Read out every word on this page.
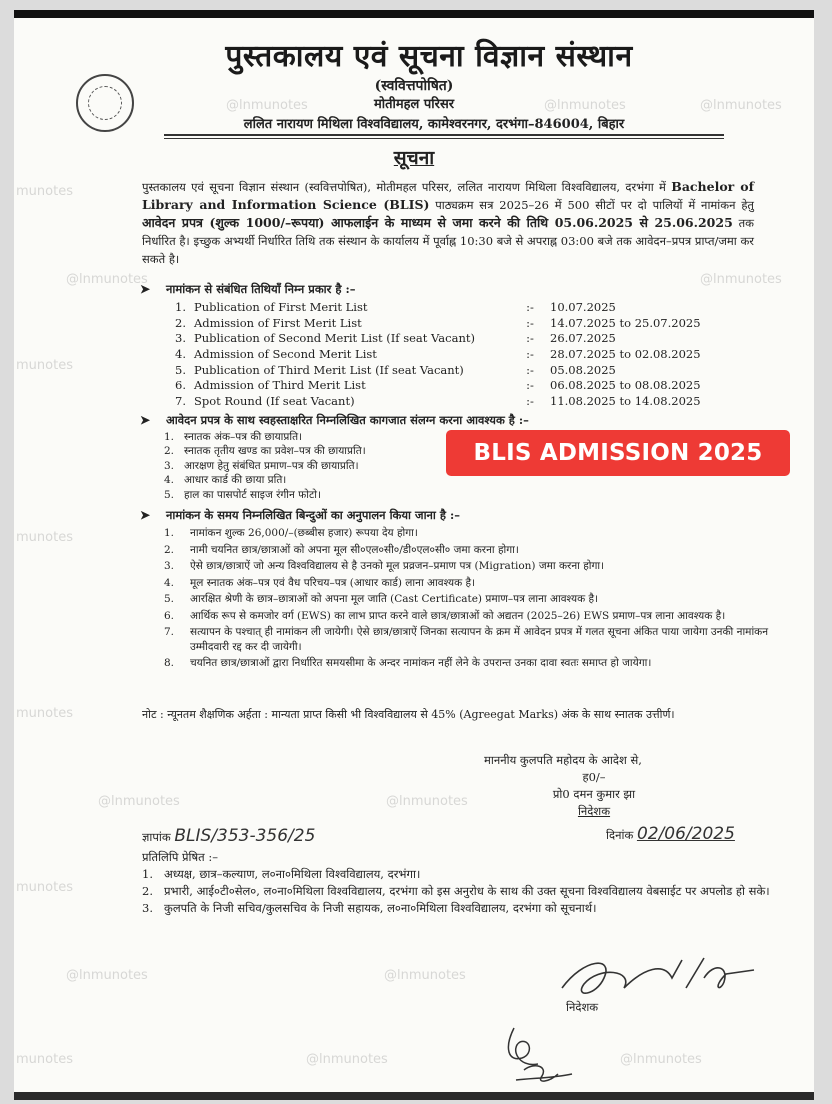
@lnmunotes	@lnmunotes	@lnmunotes
munotes
@lnmunotes	@lnmunotes
munotes
munotes
munotes
@lnmunotes	@lnmunotes
munotes
@lnmunotes	@lnmunotes
munotes	@lnmunotes	@lnmunotes
पुस्तकालय एवं सूचना विज्ञान संस्थान
(स्ववित्तपोषित)
मोतीमहल परिसर
ललित नारायण मिथिला विश्वविद्यालय, कामेश्वरनगर, दरभंगा–846004, बिहार
सूचना
पुस्तकालय एवं सूचना विज्ञान संस्थान (स्ववित्तपोषित), मोतीमहल परिसर, ललित नारायण मिथिला विश्वविद्यालय, दरभंगा में Bachelor of Library and Information Science (BLIS) पाठ्यक्रम सत्र 2025–26 में 500 सीटों पर दो पालियों में नामांकन हेतु आवेदन प्रपत्र (शुल्क 1000/–रूपया) आफलाईन के माध्यम से जमा करने की तिथि 05.06.2025 से 25.06.2025 तक निर्धारित है। इच्छुक अभ्यर्थी निर्धारित तिथि तक संस्थान के कार्यालय में पूर्वाह्न 10:30 बजे से अपराह्न 03:00 बजे तक आवेदन–प्रपत्र प्राप्त/जमा कर सकते है।
➤ नामांकन से संबंधित तिथियाँ निम्न प्रकार है :–
1.	Publication of First Merit List	:-	10.07.2025
2.	Admission of First Merit List	:-	14.07.2025 to 25.07.2025
3.	Publication of Second Merit List (If seat Vacant)	:-	26.07.2025
4.	Admission of Second Merit List	:-	28.07.2025 to 02.08.2025
5.	Publication of Third Merit List (If seat Vacant)	:-	05.08.2025
6.	Admission of Third Merit List	:-	06.08.2025 to 08.08.2025
7.	Spot Round (If seat Vacant)	:-	11.08.2025 to 14.08.2025
➤ आवेदन प्रपत्र के साथ स्वहस्ताक्षरित निम्नलिखित कागजात संलग्न करना आवश्यक है :–
1. स्नातक अंक–पत्र की छायाप्रति।
2. स्नातक तृतीय खण्ड का प्रवेश–पत्र की छायाप्रति।
3. आरक्षण हेतु संबंधित प्रमाण–पत्र की छायाप्रति।
4. आधार कार्ड की छाया प्रति।
5. हाल का पासपोर्ट साइज रंगीन फोटो।
BLIS ADMISSION 2025
➤ नामांकन के समय निम्नलिखित बिन्दुओं का अनुपालन किया जाना है :–
1.	नामांकन शुल्क 26,000/–(छब्बीस हजार) रूपया देय होगा।
2.	नामी चयनित छात्र/छात्राओं को अपना मूल सी०एल०सी०/डी०एल०सी० जमा करना होगा।
3.	ऐसे छात्र/छात्राऐं जो अन्य विश्वविद्यालय से है उनको मूल प्रव्रजन–प्रमाण पत्र (Migration) जमा करना होगा।
4.	मूल स्नातक अंक–पत्र एवं वैध परिचय–पत्र (आधार कार्ड) लाना आवश्यक है।
5.	आरक्षित श्रेणी के छात्र–छात्राओं को अपना मूल जाति (Cast Certificate) प्रमाण–पत्र लाना आवश्यक है।
6.	आर्थिक रूप से कमजोर वर्ग (EWS) का लाभ प्राप्त करने वाले छात्र/छात्राओं को अद्यतन (2025–26) EWS प्रमाण–पत्र लाना आवश्यक है।
7.	सत्यापन के पश्चात् ही नामांकन ली जायेगी। ऐसे छात्र/छात्राऐं जिनका सत्यापन के क्रम में आवेदन प्रपत्र में गलत सूचना अंकित पाया जायेगा उनकी नामांकन उम्मीदवारी रद्द कर दी जायेगी।
8.	चयनित छात्र/छात्राओं द्वारा निर्धारित समयसीमा के अन्दर नामांकन नहीं लेने के उपरान्त उनका दावा स्वतः समाप्त हो जायेगा।
नोट : न्यूनतम शैक्षणिक अर्हता : मान्यता प्राप्त किसी भी विश्वविद्यालय से 45% (Agreegat Marks) अंक के साथ स्नातक उत्तीर्ण।
माननीय कुलपति महोदय के आदेश से,
ह0/–
प्रो0 दमन कुमार झा
निदेशक
ज्ञापांक BLIS/353-356/25	दिनांक 02/06/2025
प्रतिलिपि प्रेषित :–
1. अध्यक्ष, छात्र–कल्याण, ल०ना०मिथिला विश्वविद्यालय, दरभंगा।
2. प्रभारी, आई०टी०सेल०, ल०ना०मिथिला विश्वविद्यालय, दरभंगा को इस अनुरोध के साथ की उक्त सूचना विश्वविद्यालय वेबसाईट पर अपलोड हो सके।
3. कुलपति के निजी सचिव/कुलसचिव के निजी सहायक, ल०ना०मिथिला विश्वविद्यालय, दरभंगा को सूचनार्थ।
निदेशक
